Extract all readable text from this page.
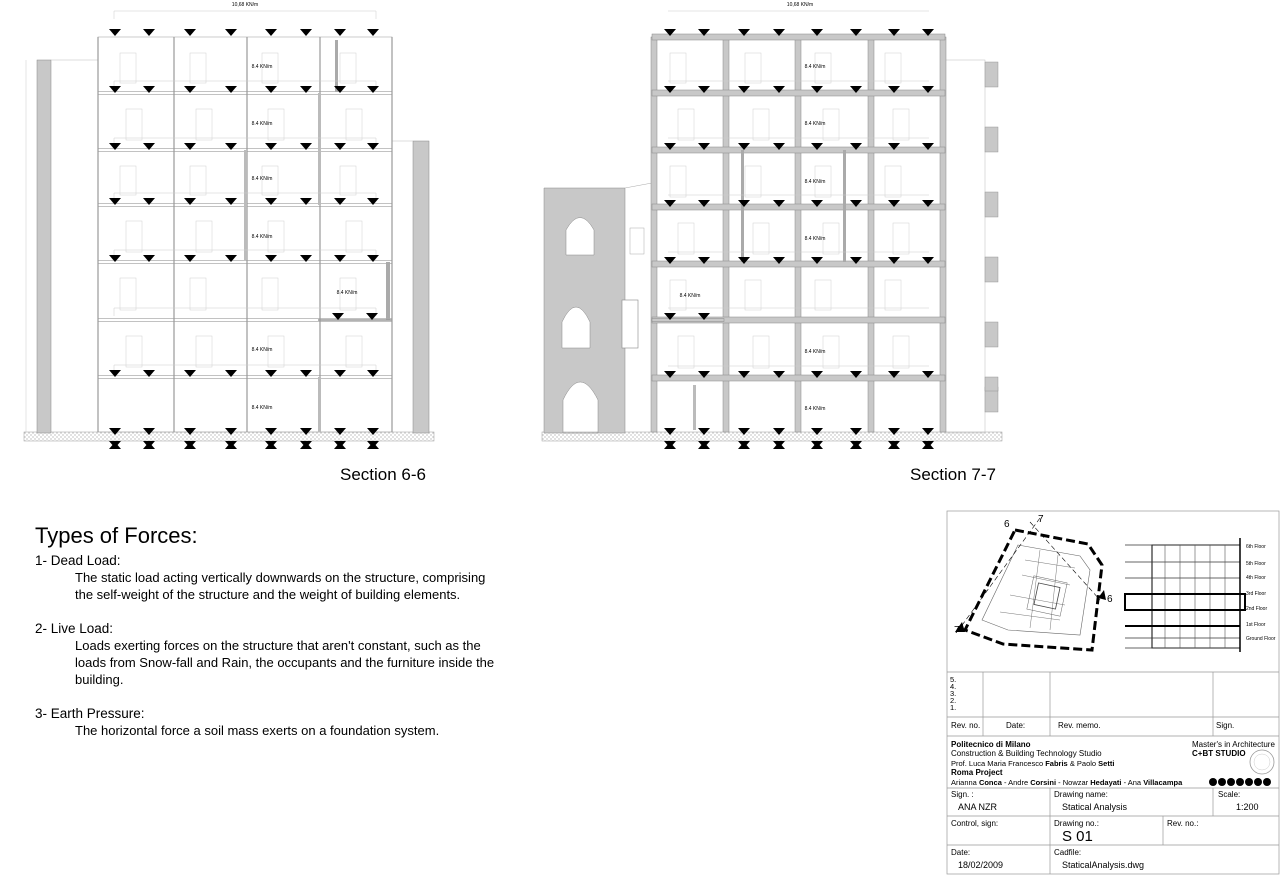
10,68 KN/m
8.4 KN/m
8.4 KN/m
8.4 KN/m
8.4 KN/m
8.4 KN/m
8.4 KN/m
8.4 KN/m
10,68 KN/m
8.4 KN/m
8.4 KN/m
8.4 KN/m
8.4 KN/m
8.4 KN/m
8.4 KN/m
8.4 KN/m
Section 6-6	Section 7-7
6	7
6
7
Types of Forces:

1- Dead Load:

The static load acting vertically downwards on the structure, comprising the self-weight of the structure and the weight of building elements.

2- Live Load:

Loads exerting forces on the structure that aren't constant, such as the loads from Snow-fall and Rain, the occupants and the furniture inside the building.

3- Earth Pressure:

The horizontal force a soil mass exerts on a foundation system.

6th Floor
5th Floor
4th Floor
3rd Floor
2nd Floor
1st Floor
Ground Floor
5.
4.
3.
2.
1.
Rev. no.	Date:	Rev. memo.	Sign.
Politecnico di Milano
Construction & Building Technology Studio
Prof. Luca Maria Francesco Fabris & Paolo Setti
Roma Project
Arianna Conca - Andre Corsini - Nowzar Hedayati - Ana Villacampa
Master's in Architecture
C+BT STUDIO
Sign. :
ANA NZR
Drawing name:
Statical Analysis
Scale:
1:200
Control, sign:	Drawing no.:
S 01
Rev. no.:
Date:
18/02/2009
Cadfile:
StaticalAnalysis.dwg
